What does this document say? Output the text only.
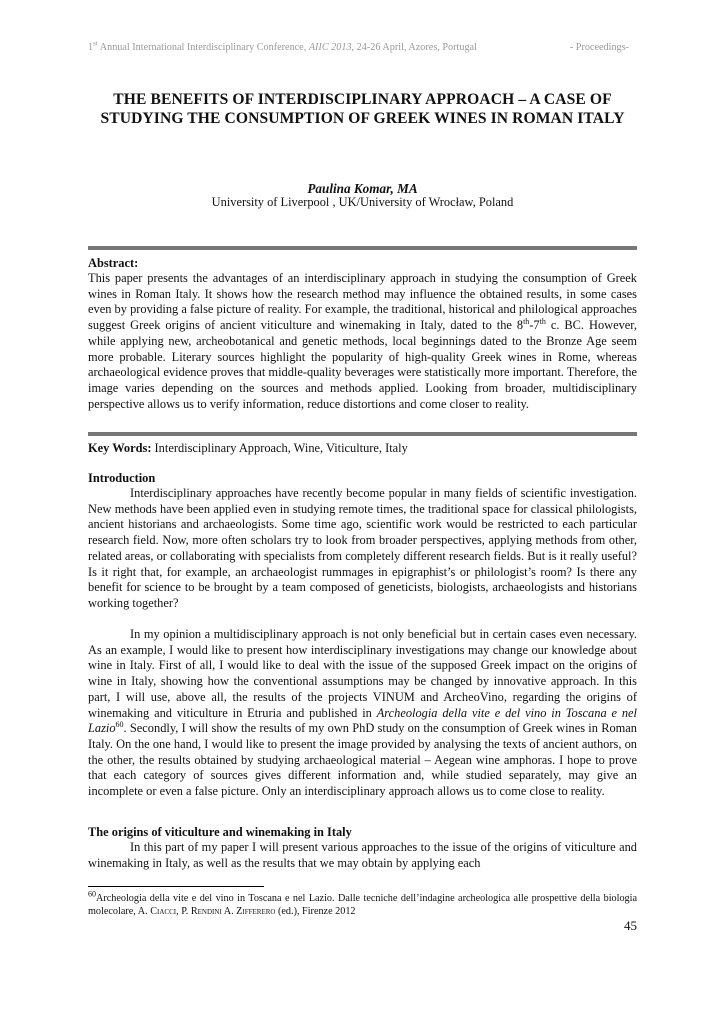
1st Annual International Interdisciplinary Conference, AIIC 2013, 24-26 April, Azores, Portugal	- Proceedings-
THE BENEFITS OF INTERDISCIPLINARY APPROACH – A CASE OF STUDYING THE CONSUMPTION OF GREEK WINES IN ROMAN ITALY
Paulina Komar, MA
University of Liverpool , UK/University of Wrocław, Poland
Abstract:
This paper presents the advantages of an interdisciplinary approach in studying the consumption of Greek wines in Roman Italy. It shows how the research method may influence the obtained results, in some cases even by providing a false picture of reality. For example, the traditional, historical and philological approaches suggest Greek origins of ancient viticulture and winemaking in Italy, dated to the 8th-7th c. BC. However, while applying new, archeobotanical and genetic methods, local beginnings dated to the Bronze Age seem more probable. Literary sources highlight the popularity of high-quality Greek wines in Rome, whereas archaeological evidence proves that middle-quality beverages were statistically more important. Therefore, the image varies depending on the sources and methods applied. Looking from broader, multidisciplinary perspective allows us to verify information, reduce distortions and come closer to reality.
Key Words: Interdisciplinary Approach, Wine, Viticulture, Italy
Introduction
Interdisciplinary approaches have recently become popular in many fields of scientific investigation. New methods have been applied even in studying remote times, the traditional space for classical philologists, ancient historians and archaeologists. Some time ago, scientific work would be restricted to each particular research field. Now, more often scholars try to look from broader perspectives, applying methods from other, related areas, or collaborating with specialists from completely different research fields. But is it really useful? Is it right that, for example, an archaeologist rummages in epigraphist’s or philologist’s room? Is there any benefit for science to be brought by a team composed of geneticists, biologists, archaeologists and historians working together?
In my opinion a multidisciplinary approach is not only beneficial but in certain cases even necessary. As an example, I would like to present how interdisciplinary investigations may change our knowledge about wine in Italy. First of all, I would like to deal with the issue of the supposed Greek impact on the origins of wine in Italy, showing how the conventional assumptions may be changed by innovative approach. In this part, I will use, above all, the results of the projects VINUM and ArcheoVino, regarding the origins of winemaking and viticulture in Etruria and published in Archeologia della vite e del vino in Toscana e nel Lazio$^{60}$. Secondly, I will show the results of my own PhD study on the consumption of Greek wines in Roman Italy. On the one hand, I would like to present the image provided by analysing the texts of ancient authors, on the other, the results obtained by studying archaeological material – Aegean wine amphoras. I hope to prove that each category of sources gives different information and, while studied separately, may give an incomplete or even a false picture. Only an interdisciplinary approach allows us to come close to reality.
The origins of viticulture and winemaking in Italy
In this part of my paper I will present various approaches to the issue of the origins of viticulture and winemaking in Italy, as well as the results that we may obtain by applying each
$^{60}$Archeologia della vite e del vino in Toscana e nel Lazio. Dalle tecniche dell’indagine archeologica alle prospettive della biologia molecolare, A. Ciacci, P. Rendini A. Zifferero (ed.), Firenze 2012
45
